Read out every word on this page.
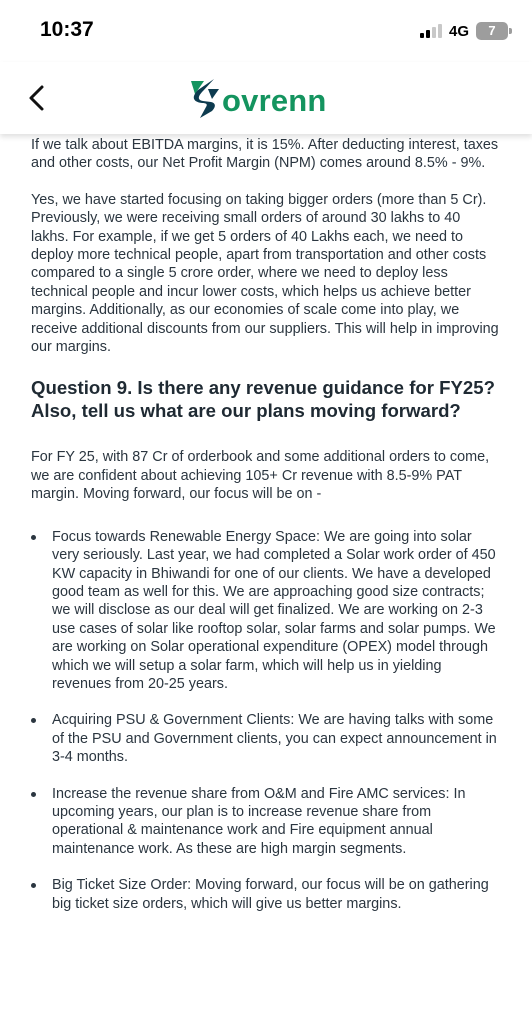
10:37	4G	7
ovrenn

If we talk about EBITDA margins, it is 15%. After deducting interest, taxes and other costs, our Net Profit Margin (NPM) comes around 8.5% - 9%.

Yes, we have started focusing on taking bigger orders (more than 5 Cr). Previously, we were receiving small orders of around 30 lakhs to 40 lakhs. For example, if we get 5 orders of 40 Lakhs each, we need to deploy more technical people, apart from transportation and other costs compared to a single 5 crore order, where we need to deploy less technical people and incur lower costs, which helps us achieve better margins. Additionally, as our economies of scale come into play, we receive additional discounts from our suppliers. This will help in improving our margins.

Question 9. Is there any revenue guidance for FY25? Also, tell us what are our plans moving forward?

For FY 25, with 87 Cr of orderbook and some additional orders to come, we are confident about achieving 105+ Cr revenue with 8.5-9% PAT margin. Moving forward, our focus will be on -

Focus towards Renewable Energy Space: We are going into solar very seriously. Last year, we had completed a Solar work order of 450 KW capacity in Bhiwandi for one of our clients. We have a developed good team as well for this. We are approaching good size contracts; we will disclose as our deal will get finalized. We are working on 2-3 use cases of solar like rooftop solar, solar farms and solar pumps. We are working on Solar operational expenditure (OPEX) model through which we will setup a solar farm, which will help us in yielding revenues from 20-25 years.
Acquiring PSU & Government Clients: We are having talks with some of the PSU and Government clients, you can expect announcement in 3-4 months.
Increase the revenue share from O&M and Fire AMC services: In upcoming years, our plan is to increase revenue share from operational & maintenance work and Fire equipment annual maintenance work. As these are high margin segments.
Big Ticket Size Order: Moving forward, our focus will be on gathering big ticket size orders, which will give us better margins.
